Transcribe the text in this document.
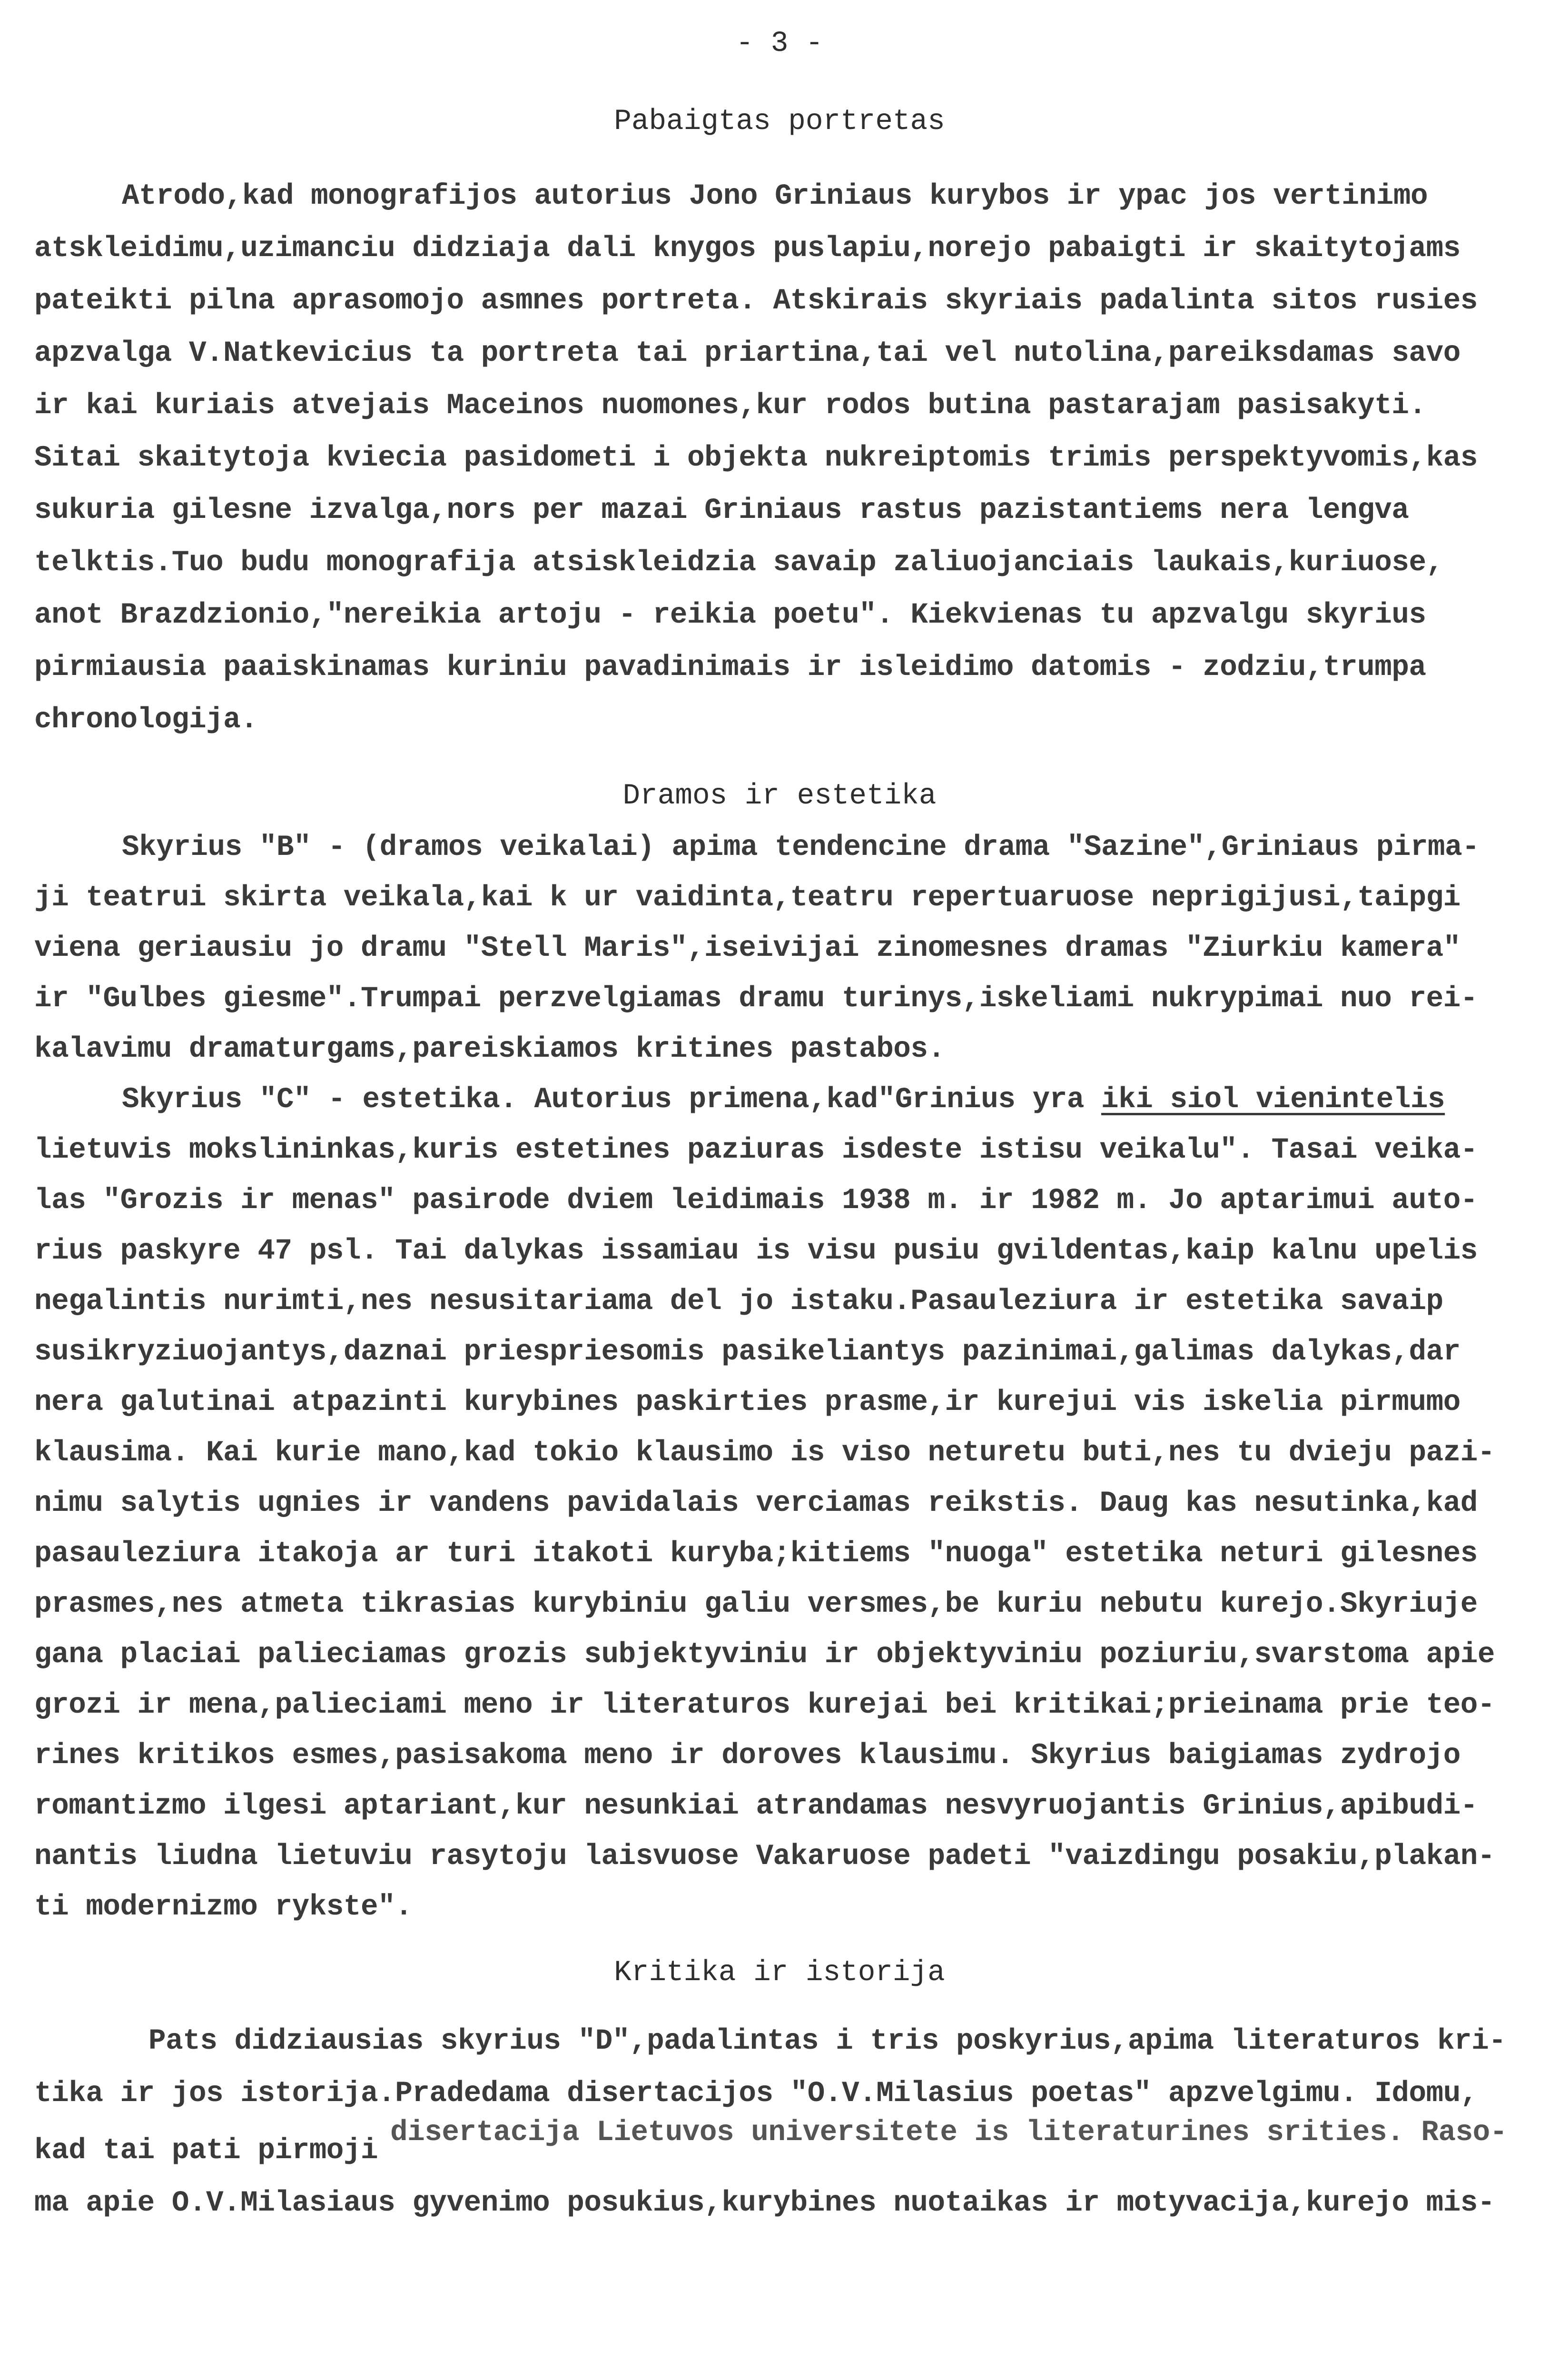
- 3 -
Pabaigtas portretas
Atrodo,kad monografijos autorius Jono Griniaus kurybos ir ypac jos vertinimo
atskleidimu,uzimanciu didziaja dali knygos puslapiu,norejo pabaigti ir skaitytojams
pateikti pilna aprasomojo asmnes portreta. Atskirais skyriais padalinta sitos rusies
apzvalga V.Natkevicius ta portreta tai priartina,tai vel nutolina,pareiksdamas savo
ir kai kuriais atvejais Maceinos nuomones,kur rodos butina pastarajam pasisakyti.
Sitai skaitytoja kviecia pasidometi i objekta nukreiptomis trimis perspektyvomis,kas
sukuria gilesne izvalga,nors per mazai Griniaus rastus pazistantiems nera lengva
telktis.Tuo budu monografija atsiskleidzia savaip zaliuojanciais laukais,kuriuose,
anot Brazdzionio,"nereikia artoju - reikia poetu". Kiekvienas tu apzvalgu skyrius
pirmiausia paaiskinamas kuriniu pavadinimais ir isleidimo datomis - zodziu,trumpa
chronologija.
Dramos ir estetika
Skyrius "B" - (dramos veikalai) apima tendencine drama "Sazine",Griniaus pirma-
ji teatrui skirta veikala,kai k ur vaidinta,teatru repertuaruose neprigijusi,taipgi
viena geriausiu jo dramu "Stell Maris",iseivijai zinomesnes dramas "Ziurkiu kamera"
ir "Gulbes giesme".Trumpai perzvelgiamas dramu turinys,iskeliami nukrypimai nuo rei-
kalavimu dramaturgams,pareiskiamos kritines pastabos.
Skyrius "C" - estetika. Autorius primena,kad"Grinius yra iki siol vienintelis
lietuvis mokslininkas,kuris estetines paziuras isdeste istisu veikalu". Tasai veika-
las "Grozis ir menas" pasirode dviem leidimais 1938 m. ir 1982 m. Jo aptarimui auto-
rius paskyre 47 psl. Tai dalykas issamiau is visu pusiu gvildentas,kaip kalnu upelis
negalintis nurimti,nes nesusitariama del jo istaku.Pasauleziura ir estetika savaip
susikryziuojantys,daznai priespriesomis pasikeliantys pazinimai,galimas dalykas,dar
nera galutinai atpazinti kurybines paskirties prasme,ir kurejui vis iskelia pirmumo
klausima. Kai kurie mano,kad tokio klausimo is viso neturetu buti,nes tu dvieju pazi-
nimu salytis ugnies ir vandens pavidalais verciamas reikstis. Daug kas nesutinka,kad
pasauleziura itakoja ar turi itakoti kuryba;kitiems "nuoga" estetika neturi gilesnes
prasmes,nes atmeta tikrasias kurybiniu galiu versmes,be kuriu nebutu kurejo.Skyriuje
gana placiai palieciamas grozis subjektyviniu ir objektyviniu poziuriu,svarstoma apie
grozi ir mena,palieciami meno ir literaturos kurejai bei kritikai;prieinama prie teo-
rines kritikos esmes,pasisakoma meno ir doroves klausimu. Skyrius baigiamas zydrojo
romantizmo ilgesi aptariant,kur nesunkiai atrandamas nesvyruojantis Grinius,apibudi-
nantis liudna lietuviu rasytoju laisvuose Vakaruose padeti "vaizdingu posakiu,plakan-
ti modernizmo rykste".
Kritika ir istorija
Pats didziausias skyrius "D",padalintas i tris poskyrius,apima literaturos kri-
tika ir jos istorija.Pradedama disertacijos "O.V.Milasius poetas" apzvelgimu. Idomu,

kad tai pati pirmoji

disertacija Lietuvos universitete is literaturines srities. Raso-

ma apie O.V.Milasiaus gyvenimo posukius,kurybines nuotaikas ir motyvacija,kurejo mis-
